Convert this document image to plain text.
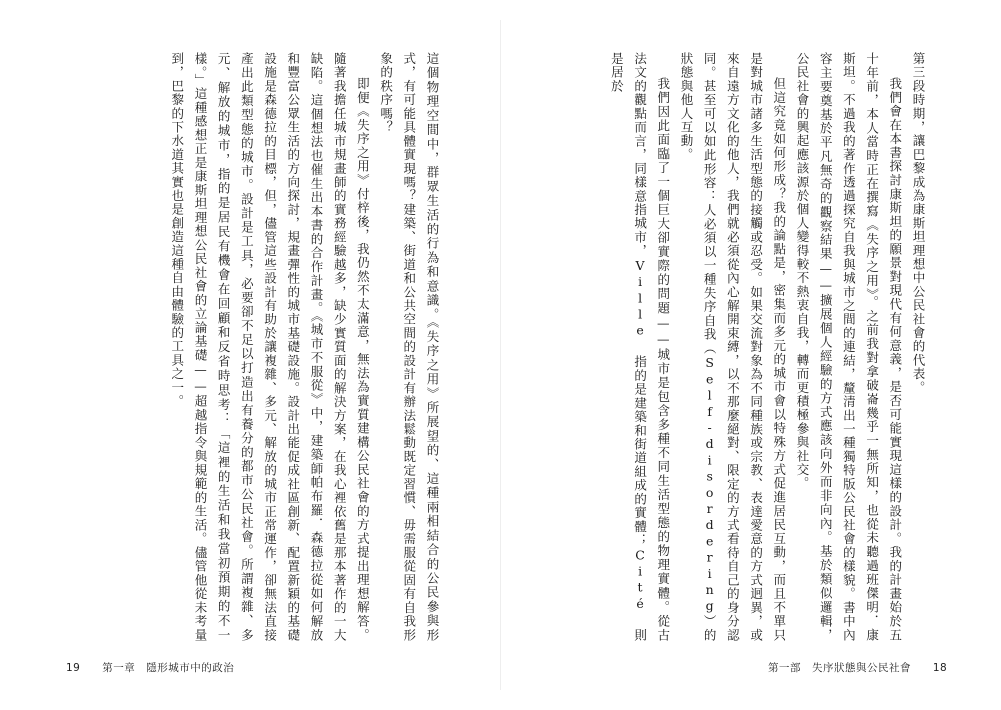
這個物理空間中，群眾生活的行為和意識。《失序之用》所展望的、這種兩相結合的公民參與形式，有可能具體實現嗎？建築、街道和公共空間的設計有辦法鬆動既定習慣、毋需服從固有自我形象的秩序嗎？

即便《失序之用》付梓後，我仍然不太滿意，無法為實質建構公民社會的方式提出理想解答。隨著我擔任城市規畫師的實務經驗越多，缺少實質面的解決方案，在我心裡依舊是那本著作的一大缺陷。這個想法也催生出本書的合作計畫。《城市不服從》中，建築師帕布羅．森德拉從如何解放和豐富公眾生活的方向探討，規畫彈性的城市基礎設施。設計出能促成社區創新、配置新穎的基礎設施是森德拉的目標，但，儘管這些設計有助於讓複雜、多元、解放的城市正常運作，卻無法直接產出此類型態的城市。設計是工具，必要卻不足以打造出有養分的都市公民社會。所謂複雜、多元、解放的城市，指的是居民有機會在回顧和反省時思考：「這裡的生活和我當初預期的不一樣。」這種感想正是康斯坦理想公民社會的立論基礎——超越指令與規範的生活。儘管他從未考量到，巴黎的下水道其實也是創造這種自由體驗的工具之一。	第三段時期，讓巴黎成為康斯坦理想中公民社會的代表。

我們會在本書探討康斯坦的願景對現代有何意義，是否可能實現這樣的設計。我的計畫始於五十年前，本人當時正在撰寫《失序之用》。之前我對拿破崙幾乎一無所知，也從未聽過班傑明．康斯坦。不過我的著作透過探究自我與城市之間的連結，釐清出一種獨特版公民社會的樣貌。書中內容主要奠基於平凡無奇的觀察結果——擴展個人經驗的方式應該向外而非向內。基於類似邏輯，公民社會的興起應該源於個人變得較不熱衷自我，轉而更積極參與社交。

但這究竟如何形成？我的論點是，密集而多元的城市會以特殊方式促進居民互動，而且不單只是對城市諸多生活型態的接觸或忍受。如果交流對象為不同種族或宗教、表達愛意的方式迥異，或來自遠方文化的他人，我們就必須從內心解開束縛，以不那麼絕對、限定的方式看待自己的身分認同。甚至可以如此形容：人必須以一種失序自我（Self-disordering）的狀態與他人互動。

我們因此面臨了一個巨大卻實際的問題——城市是包含多種不同生活型態的物理實體。從古法文的觀點而言，同樣意指城市，Ville 指的是建築和街道組成的實體；Cité 則是居於

19 第一章　隱形城市中的政治	第一部　失序狀態與公民社會 18
